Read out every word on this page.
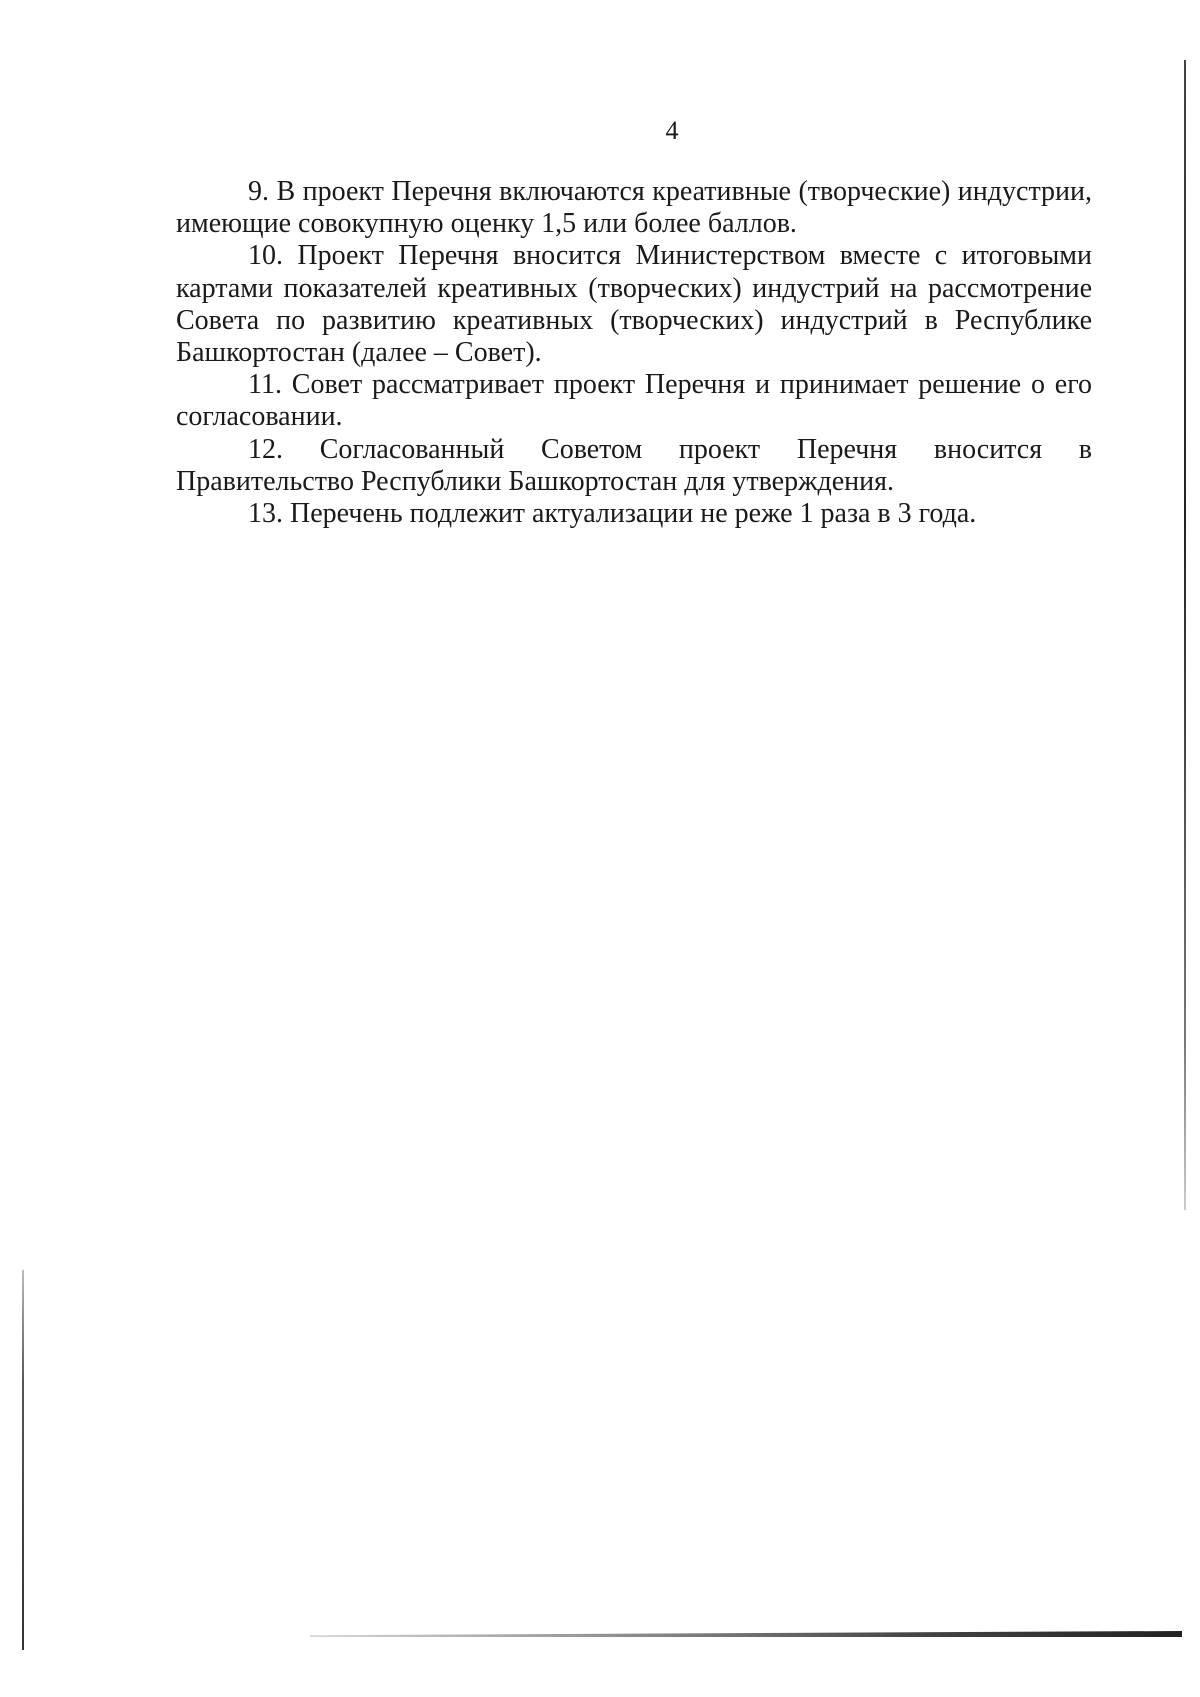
4

9. В проект Перечня включаются креативные (творческие) индустрии, имеющие совокупную оценку 1,5 или более баллов.

10. Проект Перечня вносится Министерством вместе с итоговыми картами показателей креативных (творческих) индустрий на рассмотрение Совета по развитию креативных (творческих) индустрий в Республике Башкортостан (далее – Совет).

11. Совет рассматривает проект Перечня и принимает решение о его согласовании.

12. Согласованный Советом проект Перечня вносится в Правительство Республики Башкортостан для утверждения.

13. Перечень подлежит актуализации не реже 1 раза в 3 года.
